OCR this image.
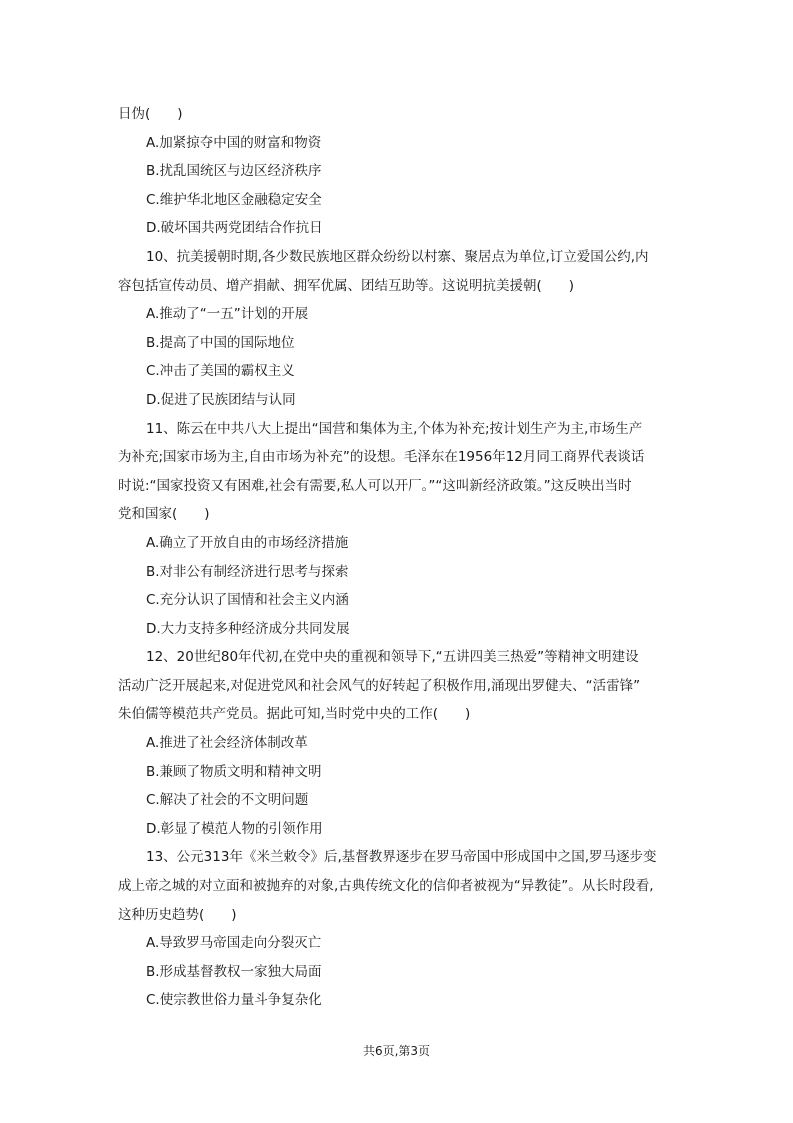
日伪(　　)
A.加紧掠夺中国的财富和物资
B.扰乱国统区与边区经济秩序
C.维护华北地区金融稳定安全
D.破坏国共两党团结合作抗日
10、抗美援朝时期,各少数民族地区群众纷纷以村寨、聚居点为单位,订立爱国公约,内
容包括宣传动员、增产捐献、拥军优属、团结互助等。这说明抗美援朝(　　)
A.推动了“一五”计划的开展
B.提高了中国的国际地位
C.冲击了美国的霸权主义
D.促进了民族团结与认同
11、陈云在中共八大上提出“国营和集体为主,个体为补充;按计划生产为主,市场生产
为补充;国家市场为主,自由市场为补充”的设想。毛泽东在1956年12月同工商界代表谈话
时说:“国家投资又有困难,社会有需要,私人可以开厂。”“这叫新经济政策。”这反映出当时
党和国家(　　)
A.确立了开放自由的市场经济措施
B.对非公有制经济进行思考与探索
C.充分认识了国情和社会主义内涵
D.大力支持多种经济成分共同发展
12、20世纪80年代初,在党中央的重视和领导下,“五讲四美三热爱”等精神文明建设
活动广泛开展起来,对促进党风和社会风气的好转起了积极作用,涌现出罗健夫、“活雷锋”
朱伯儒等模范共产党员。据此可知,当时党中央的工作(　　)
A.推进了社会经济体制改革
B.兼顾了物质文明和精神文明
C.解决了社会的不文明问题
D.彰显了模范人物的引领作用
13、公元313年《米兰敕令》后,基督教界逐步在罗马帝国中形成国中之国,罗马逐步变
成上帝之城的对立面和被抛弃的对象,古典传统文化的信仰者被视为“异教徒”。从长时段看,
这种历史趋势(　　)
A.导致罗马帝国走向分裂灭亡
B.形成基督教权一家独大局面
C.使宗教世俗力量斗争复杂化
共6页,第3页
